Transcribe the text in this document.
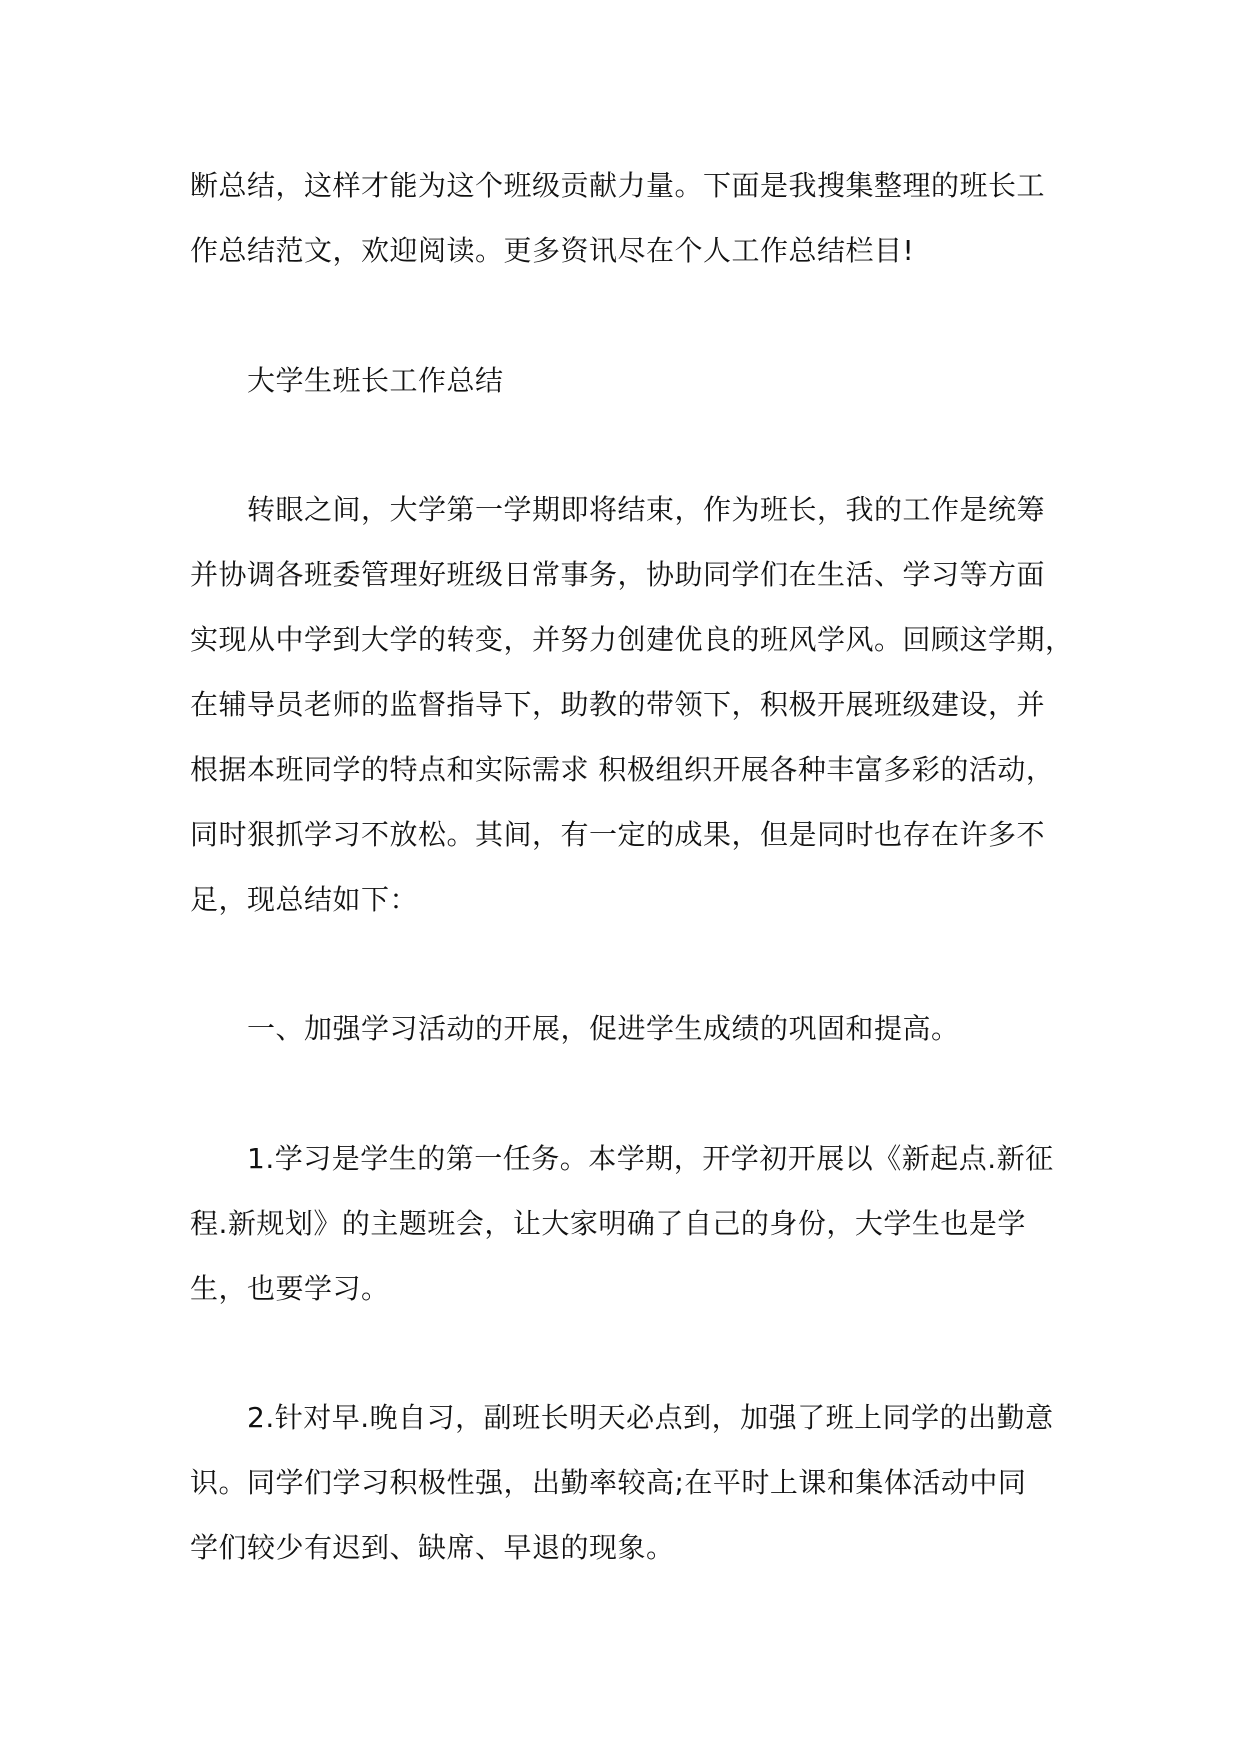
断总结，这样才能为这个班级贡献力量。下面是我搜集整理的班长工
作总结范文，欢迎阅读。更多资讯尽在个人工作总结栏目!
大学生班长工作总结
转眼之间，大学第一学期即将结束，作为班长，我的工作是统筹
并协调各班委管理好班级日常事务，协助同学们在生活、学习等方面
实现从中学到大学的转变，并努力创建优良的班风学风。回顾这学期，
在辅导员老师的监督指导下，助教的带领下，积极开展班级建设，并
根据本班同学的特点和实际需求 积极组织开展各种丰富多彩的活动，
同时狠抓学习不放松。其间，有一定的成果，但是同时也存在许多不
足，现总结如下：
一、加强学习活动的开展，促进学生成绩的巩固和提高。
1.学习是学生的第一任务。本学期，开学初开展以《新起点.新征
程.新规划》的主题班会，让大家明确了自己的身份，大学生也是学
生，也要学习。
2.针对早.晚自习，副班长明天必点到，加强了班上同学的出勤意
识。同学们学习积极性强，出勤率较高;在平时上课和集体活动中同
学们较少有迟到、缺席、早退的现象。
